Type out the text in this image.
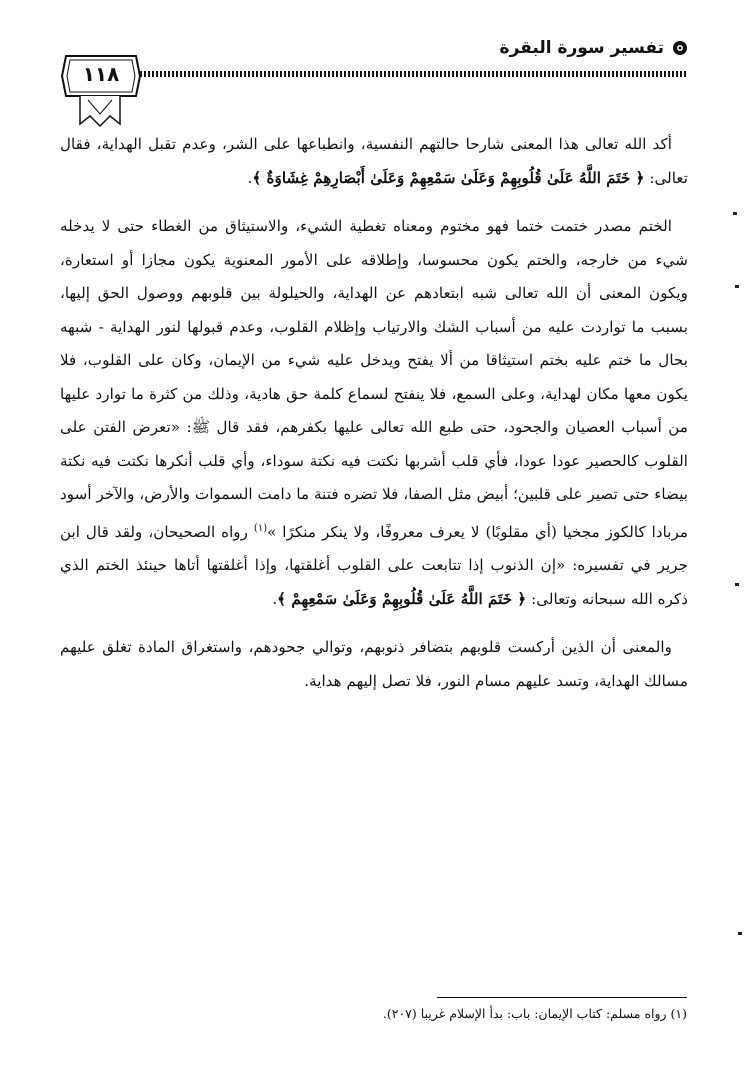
تفسير سورة البقرة
١١٨

أكد الله تعالى هذا المعنى شارحا حالتهم النفسية، وانطباعها على الشر، وعدم تقبل الهداية، فقال تعالى: ﴿ خَتَمَ اللَّهُ عَلَىٰ قُلُوبِهِمْ وَعَلَىٰ سَمْعِهِمْ وَعَلَىٰ أَبْصَارِهِمْ غِشَاوَةٌ ﴾.

الختم مصدر ختمت ختما فهو مختوم ومعناه تغطية الشيء، والاستيثاق من الغطاء حتى لا يدخله شيء من خارجه، والختم يكون محسوسا، وإطلاقه على الأمور المعنوية يكون مجازا أو استعارة، ويكون المعنى أن الله تعالى شبه ابتعادهم عن الهداية، والحيلولة بين قلوبهم ووصول الحق إليها، بسبب ما تواردت عليه من أسباب الشك والارتياب وإظلام القلوب، وعدم قبولها لنور الهداية - شبهه بحال ما ختم عليه بختم استيثاقا من ألا يفتح ويدخل عليه شيء من الإيمان، وكان على القلوب، فلا يكون معها مكان لهداية، وعلى السمع، فلا ينفتح لسماع كلمة حق هادية، وذلك من كثرة ما توارد عليها من أسباب العصيان والجحود، حتى طبع الله تعالى عليها بكفرهم، فقد قال ﷺ: «تعرض الفتن على القلوب كالحصير عودا عودا، فأي قلب أشربها نكتت فيه نكتة سوداء، وأي قلب أنكرها نكتت فيه نكتة بيضاء حتى تصير على قلبين؛ أبيض مثل الصفا، فلا تضره فتنة ما دامت السموات والأرض، والآخر أسود مربادا كالكوز مجخيا (أي مقلوبًا) لا يعرف معروفًا، ولا ينكر منكرًا »$^{(١)}$ رواه الصحيحان، ولقد قال ابن جرير في تفسيره: «إن الذنوب إذا تتابعت على القلوب أغلقتها، وإذا أغلقتها أتاها حينئذ الختم الذي ذكره الله سبحانه وتعالى: ﴿ خَتَمَ اللَّهُ عَلَىٰ قُلُوبِهِمْ وَعَلَىٰ سَمْعِهِمْ ﴾.

والمعنى أن الذين أركست قلوبهم بتضافر ذنوبهم، وتوالي جحودهم، واستغراق المادة تغلق عليهم مسالك الهداية، وتسد عليهم مسام النور، فلا تصل إليهم هداية.

(١) رواه مسلم: كتاب الإيمان: باب: بدأ الإسلام غريبا (٢٠٧).
